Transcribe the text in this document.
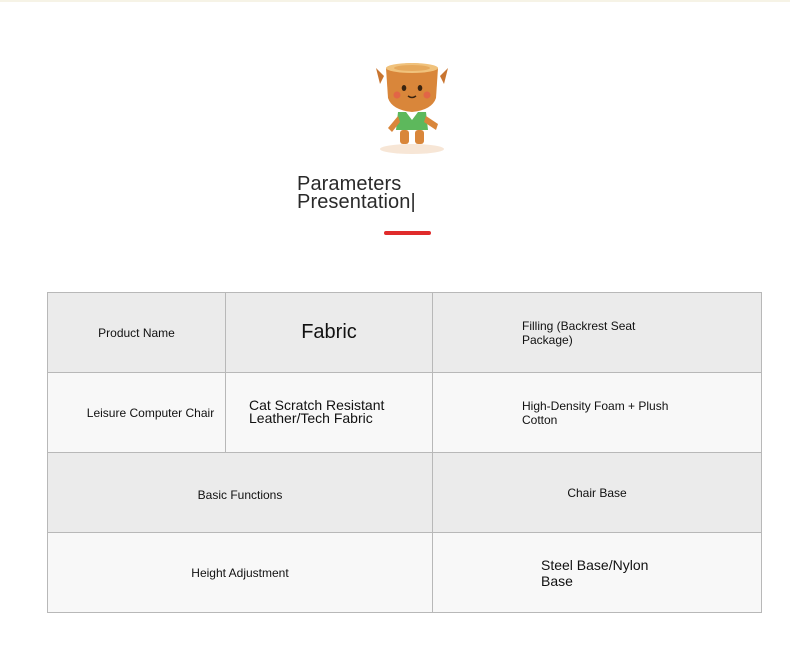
Parameters
Presentation|
Product Name	Fabric	Filling (Backrest Seat Package)
Leisure Computer Chair	Cat Scratch Resistant Leather/Tech Fabric	High-Density Foam + Plush Cotton
Basic Functions		Chair Base
Height Adjustment		Steel Base/Nylon Base
